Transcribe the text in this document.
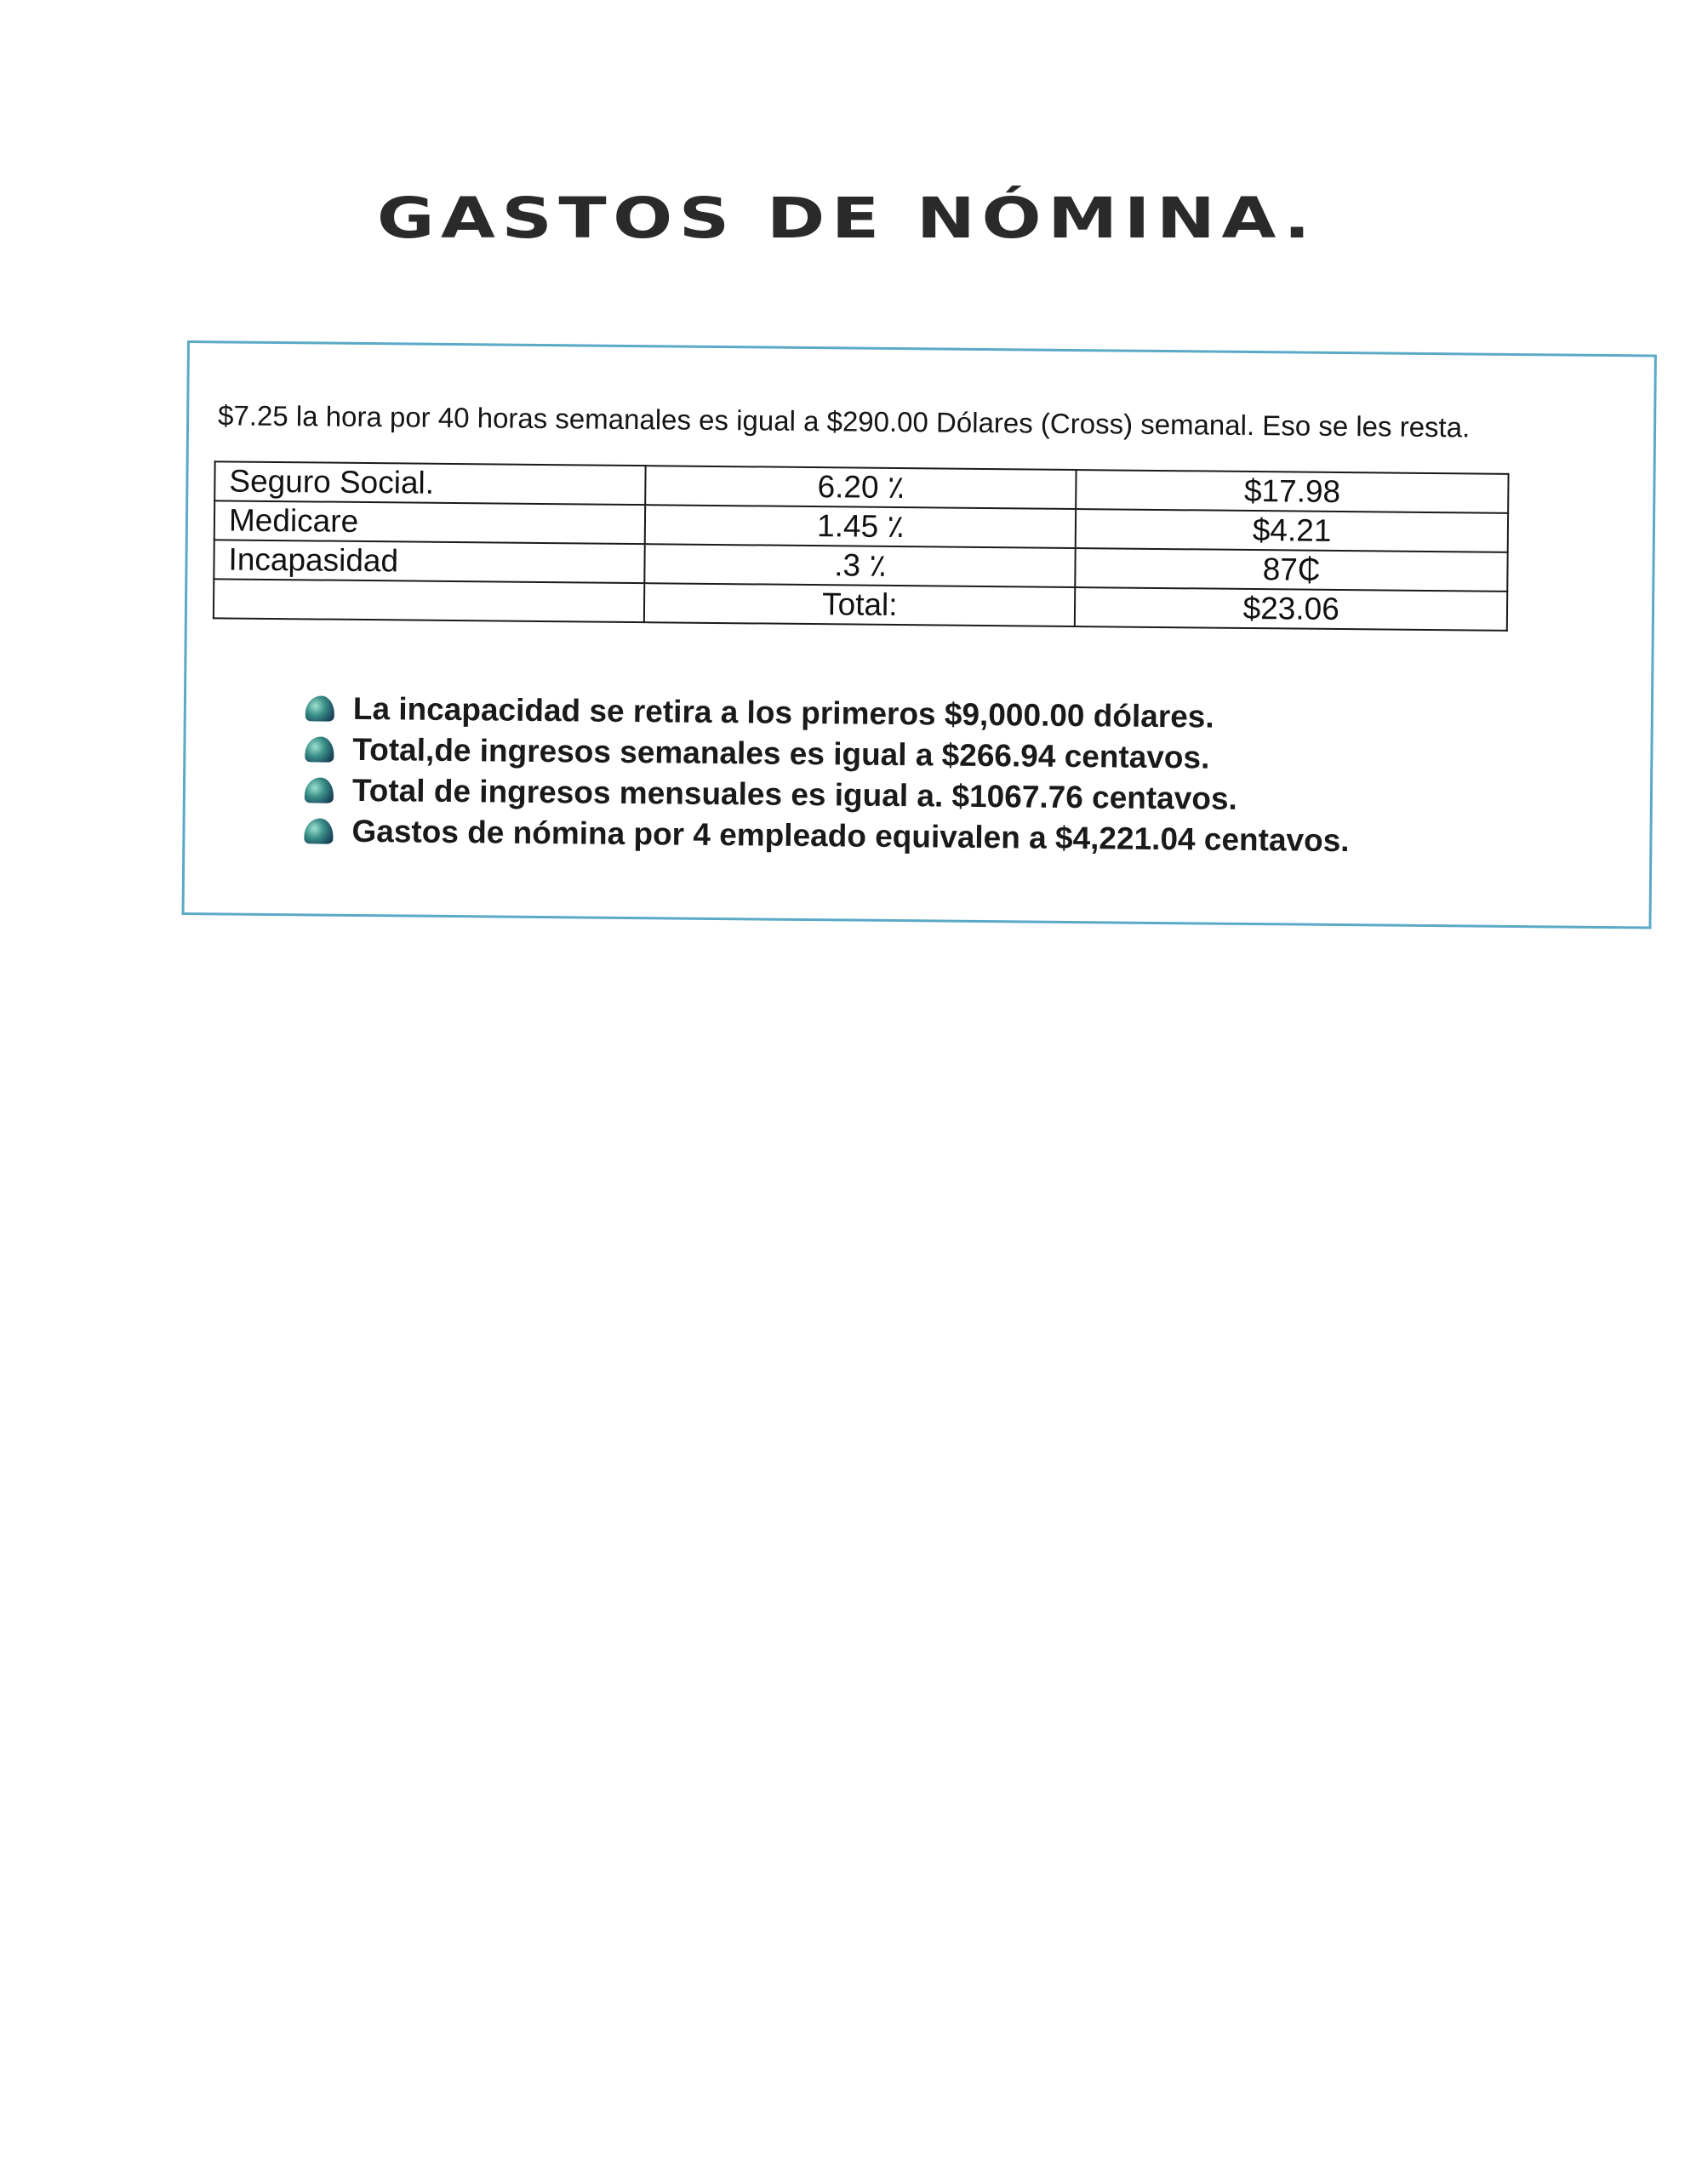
GASTOS DE NÓMINA.
$7.25 la hora por 40 horas semanales es igual a $290.00 Dólares (Cross) semanal. Eso se les resta.
Seguro Social.	6.20 ٪	$17.98
Medicare	1.45 ٪	$4.21
Incapasidad	.3 ٪	87₵
	Total:	$23.06
La incapacidad se retira a los primeros $9,000.00 dólares.
Total,de ingresos semanales es igual a $266.94 centavos.
Total de ingresos mensuales es igual a. $1067.76 centavos.
Gastos de nómina por 4 empleado equivalen a $4,221.04 centavos.
